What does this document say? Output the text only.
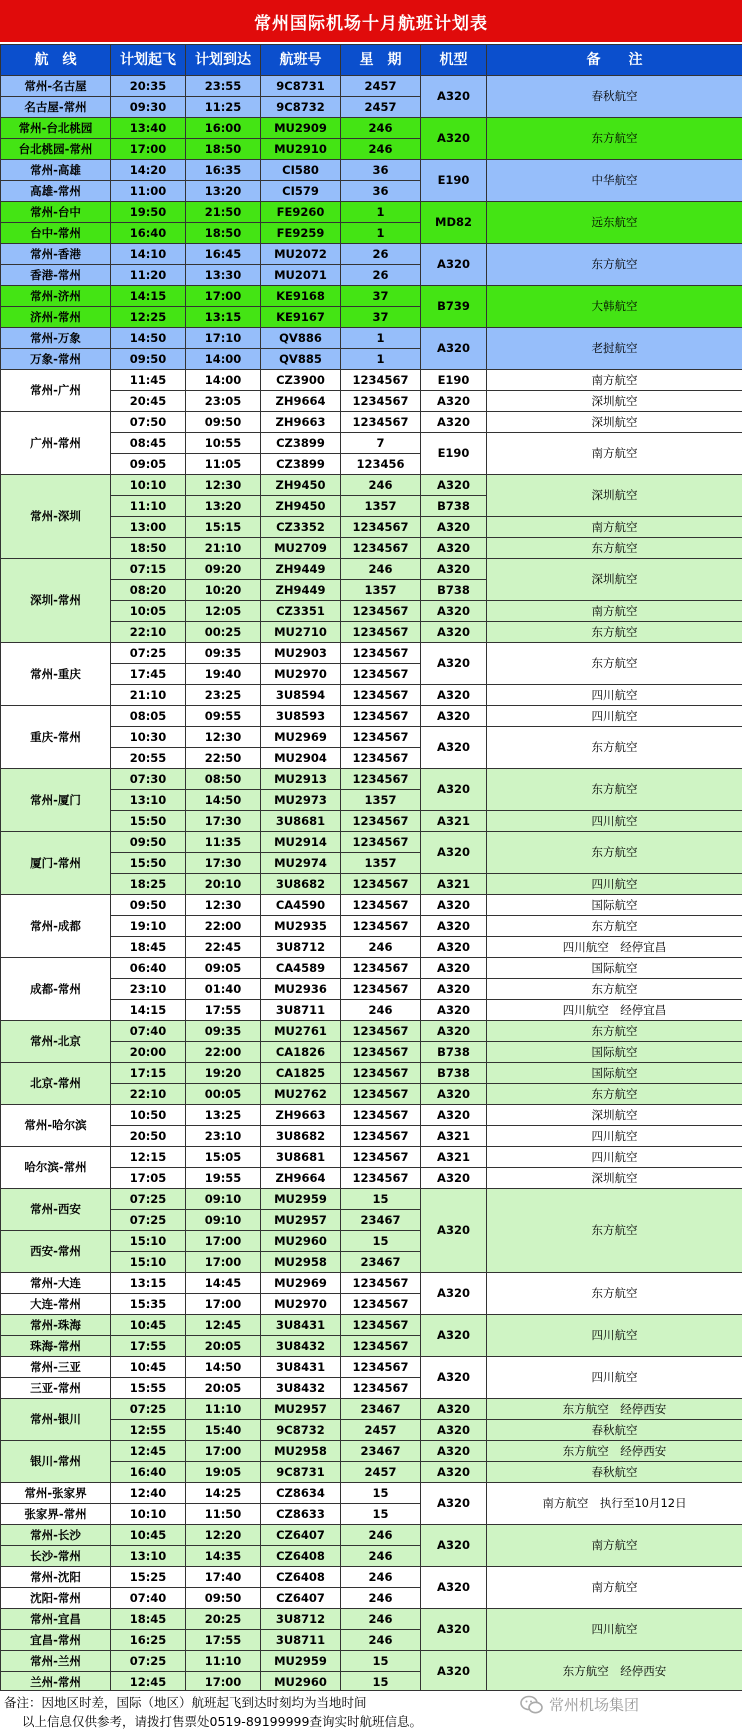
常州国际机场十月航班计划表
航　线	计划起飞	计划到达	航班号	星　期	机型	备　　注
常州-名古屋	20:35	23:55	9C8731	2457	A320	春秋航空
名古屋-常州	09:30	11:25	9C8732	2457		
常州-台北桃园	13:40	16:00	MU2909	246	A320	东方航空
台北桃园-常州	17:00	18:50	MU2910	246		
常州-高雄	14:20	16:35	CI580	36	E190	中华航空
高雄-常州	11:00	13:20	CI579	36		
常州-台中	19:50	21:50	FE9260	1	MD82	远东航空
台中-常州	16:40	18:50	FE9259	1		
常州-香港	14:10	16:45	MU2072	26	A320	东方航空
香港-常州	11:20	13:30	MU2071	26		
常州-济州	14:15	17:00	KE9168	37	B739	大韩航空
济州-常州	12:25	13:15	KE9167	37		
常州-万象	14:50	17:10	QV886	1	A320	老挝航空
万象-常州	09:50	14:00	QV885	1		
常州-广州	11:45	14:00	CZ3900	1234567	E190	南方航空
	20:45	23:05	ZH9664	1234567	A320	深圳航空
广州-常州	07:50	09:50	ZH9663	1234567	A320	深圳航空
	08:45	10:55	CZ3899	7	E190	南方航空
	09:05	11:05	CZ3899	123456		
常州-深圳	10:10	12:30	ZH9450	246	A320	深圳航空
	11:10	13:20	ZH9450	1357	B738	
	13:00	15:15	CZ3352	1234567	A320	南方航空
	18:50	21:10	MU2709	1234567	A320	东方航空
深圳-常州	07:15	09:20	ZH9449	246	A320	深圳航空
	08:20	10:20	ZH9449	1357	B738	
	10:05	12:05	CZ3351	1234567	A320	南方航空
	22:10	00:25	MU2710	1234567	A320	东方航空
常州-重庆	07:25	09:35	MU2903	1234567	A320	东方航空
	17:45	19:40	MU2970	1234567		
	21:10	23:25	3U8594	1234567	A320	四川航空
重庆-常州	08:05	09:55	3U8593	1234567	A320	四川航空
	10:30	12:30	MU2969	1234567	A320	东方航空
	20:55	22:50	MU2904	1234567		
常州-厦门	07:30	08:50	MU2913	1234567	A320	东方航空
	13:10	14:50	MU2973	1357		
	15:50	17:30	3U8681	1234567	A321	四川航空
厦门-常州	09:50	11:35	MU2914	1234567	A320	东方航空
	15:50	17:30	MU2974	1357		
	18:25	20:10	3U8682	1234567	A321	四川航空
常州-成都	09:50	12:30	CA4590	1234567	A320	国际航空
	19:10	22:00	MU2935	1234567	A320	东方航空
	18:45	22:45	3U8712	246	A320	四川航空　经停宜昌
成都-常州	06:40	09:05	CA4589	1234567	A320	国际航空
	23:10	01:40	MU2936	1234567	A320	东方航空
	14:15	17:55	3U8711	246	A320	四川航空　经停宜昌
常州-北京	07:40	09:35	MU2761	1234567	A320	东方航空
	20:00	22:00	CA1826	1234567	B738	国际航空
北京-常州	17:15	19:20	CA1825	1234567	B738	国际航空
	22:10	00:05	MU2762	1234567	A320	东方航空
常州-哈尔滨	10:50	13:25	ZH9663	1234567	A320	深圳航空
	20:50	23:10	3U8682	1234567	A321	四川航空
哈尔滨-常州	12:15	15:05	3U8681	1234567	A321	四川航空
	17:05	19:55	ZH9664	1234567	A320	深圳航空
常州-西安	07:25	09:10	MU2959	15	A320	东方航空
	07:25	09:10	MU2957	23467		
西安-常州	15:10	17:00	MU2960	15		
	15:10	17:00	MU2958	23467		
常州-大连	13:15	14:45	MU2969	1234567	A320	东方航空
大连-常州	15:35	17:00	MU2970	1234567		
常州-珠海	10:45	12:45	3U8431	1234567	A320	四川航空
珠海-常州	17:55	20:05	3U8432	1234567		
常州-三亚	10:45	14:50	3U8431	1234567	A320	四川航空
三亚-常州	15:55	20:05	3U8432	1234567		
常州-银川	07:25	11:10	MU2957	23467	A320	东方航空　经停西安
	12:55	15:40	9C8732	2457	A320	春秋航空
银川-常州	12:45	17:00	MU2958	23467	A320	东方航空　经停西安
	16:40	19:05	9C8731	2457	A320	春秋航空
常州-张家界	12:40	14:25	CZ8634	15	A320	南方航空　执行至10月12日
张家界-常州	10:10	11:50	CZ8633	15		
常州-长沙	10:45	12:20	CZ6407	246	A320	南方航空
长沙-常州	13:10	14:35	CZ6408	246		
常州-沈阳	15:25	17:40	CZ6408	246	A320	南方航空
沈阳-常州	07:40	09:50	CZ6407	246		
常州-宜昌	18:45	20:25	3U8712	246	A320	四川航空
宜昌-常州	16:25	17:55	3U8711	246		
常州-兰州	07:25	11:10	MU2959	15	A320	东方航空　经停西安
兰州-常州	12:45	17:00	MU2960	15		
备注：因地区时差，国际（地区）航班起飞到达时刻均为当地时间
以上信息仅供参考，请拨打售票处0519-89199999查询实时航班信息。
常州机场集团
